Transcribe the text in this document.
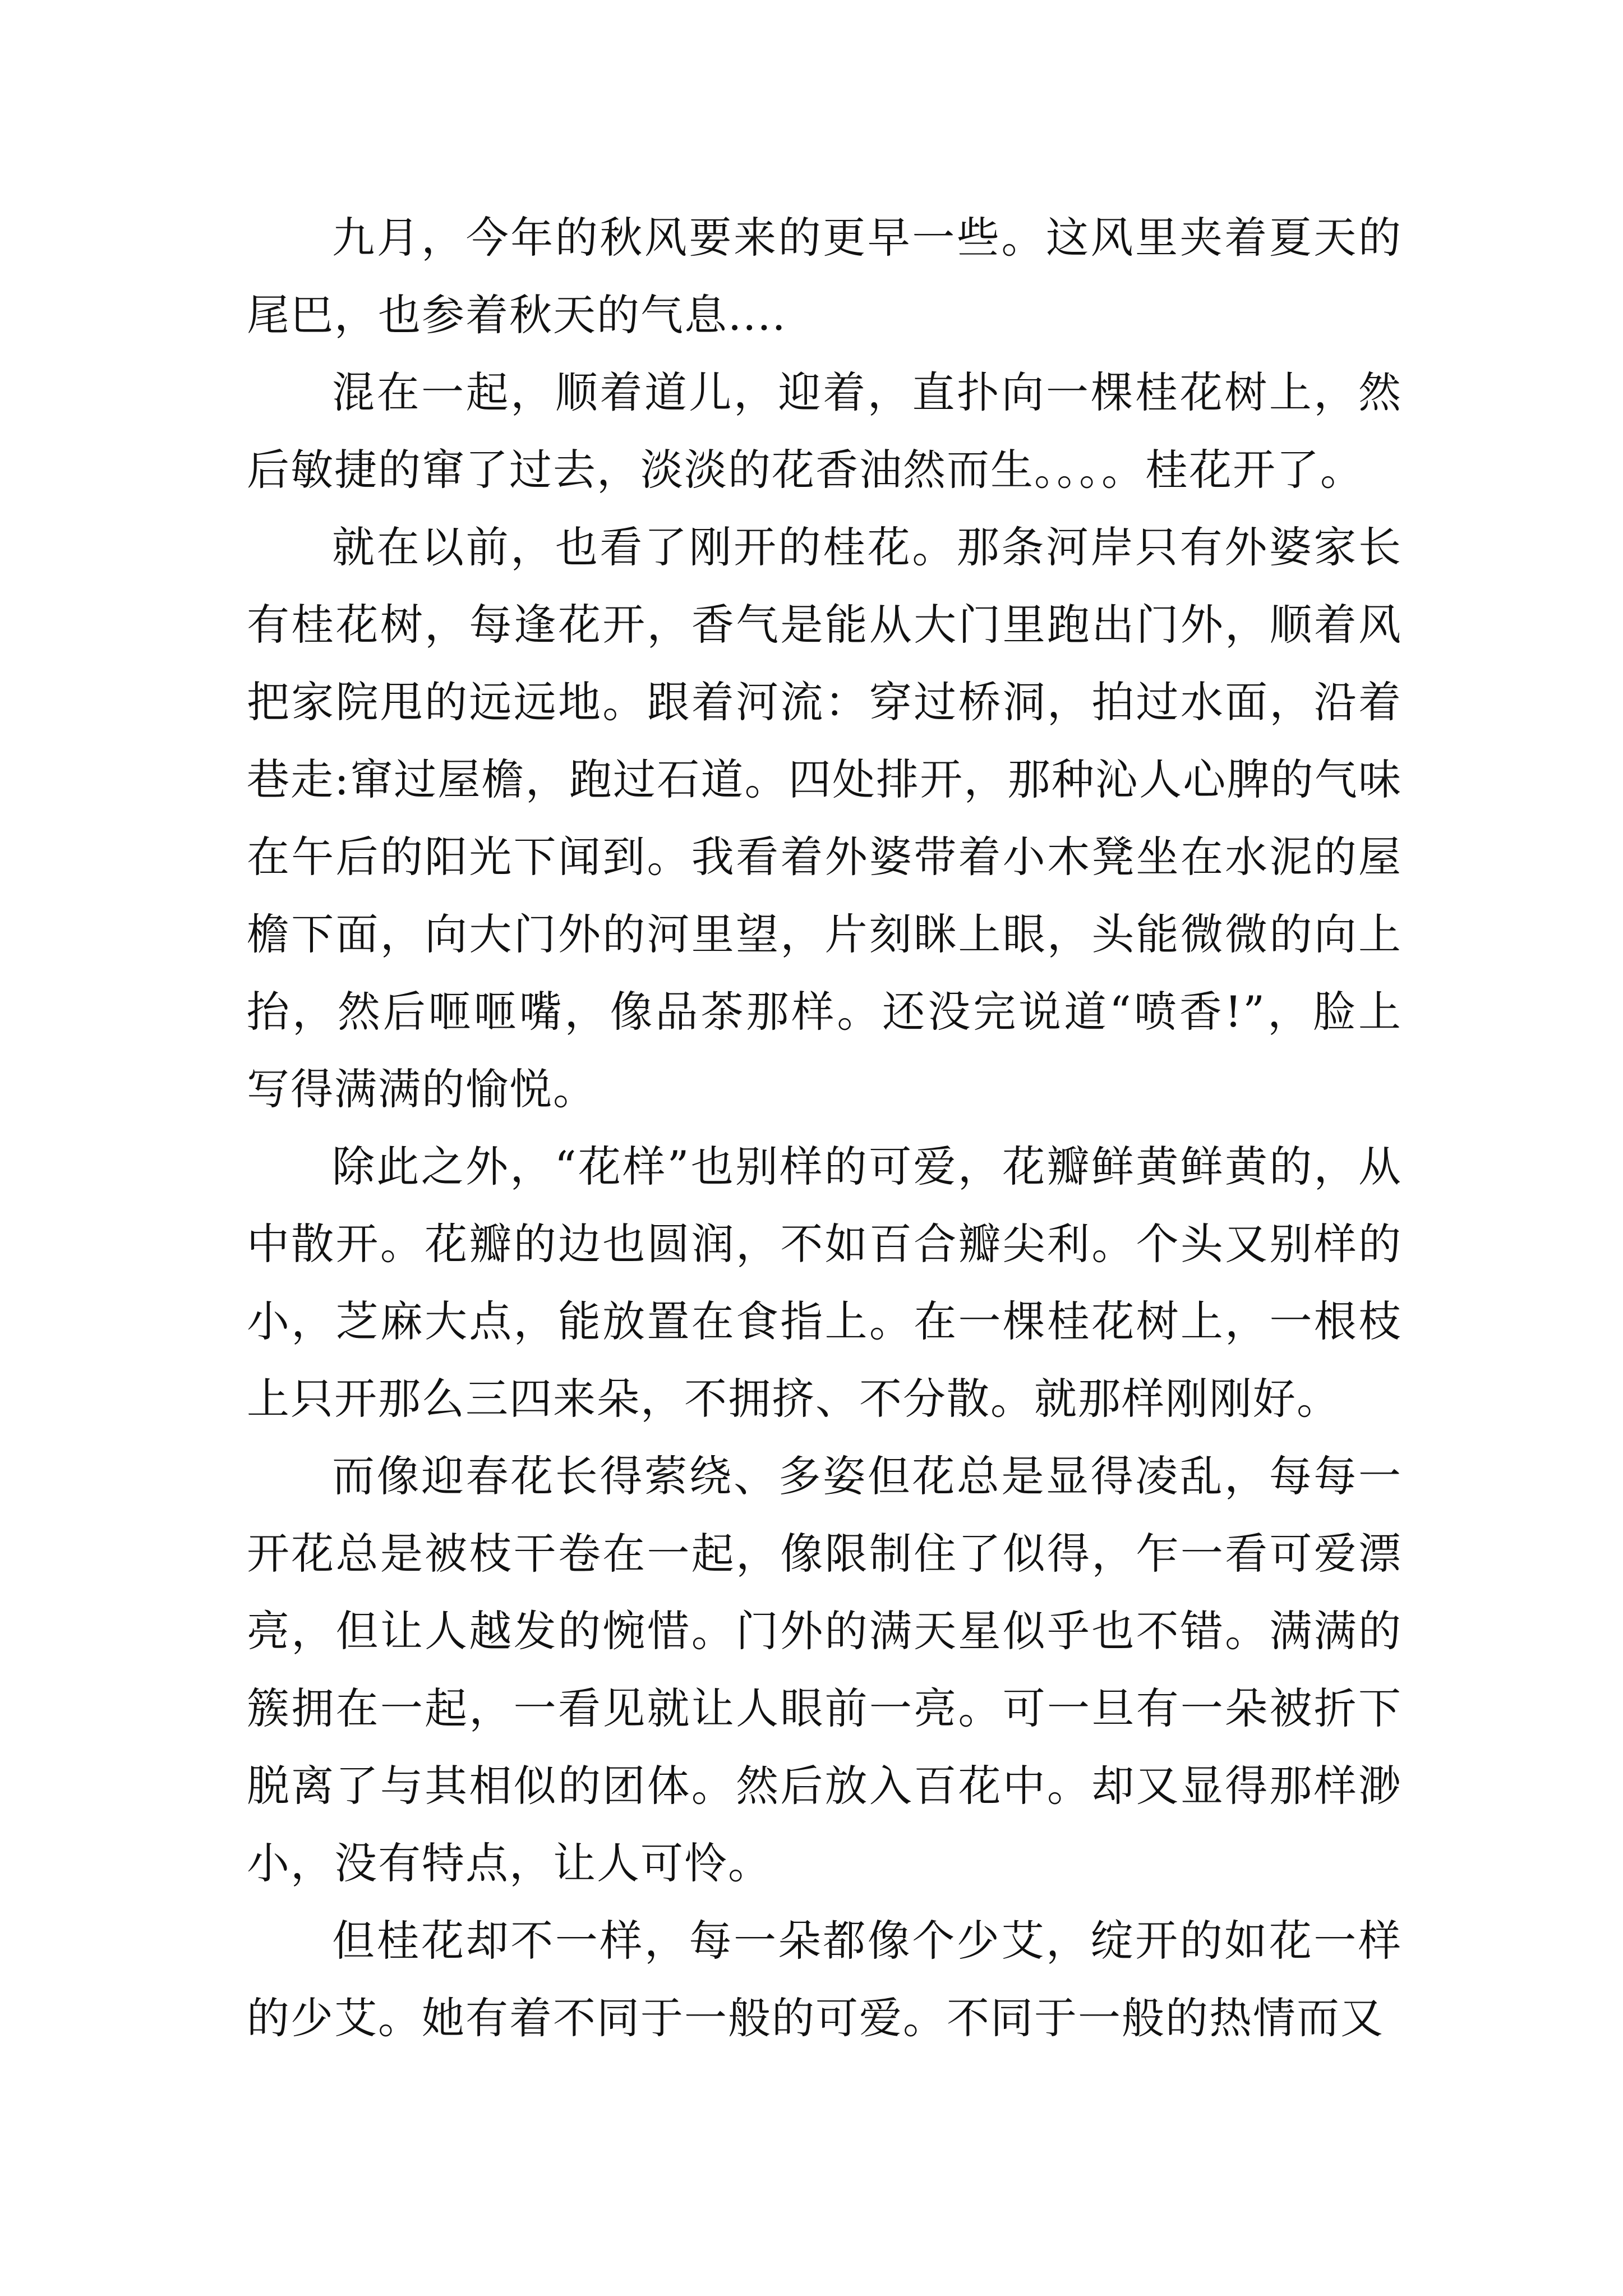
九月，今年的秋风要来的更早一些。这风里夹着夏天的尾巴，也参着秋天的气息....

混在一起，顺着道儿，迎着，直扑向一棵桂花树上，然后敏捷的窜了过去，淡淡的花香油然而生。。。。桂花开了。

就在以前，也看了刚开的桂花。那条河岸只有外婆家长有桂花树，每逢花开，香气是能从大门里跑出门外，顺着风把家院甩的远远地。跟着河流：穿过桥洞，拍过水面，沿着巷走:窜过屋檐，跑过石道。四处排开，那种沁人心脾的气味在午后的阳光下闻到。我看着外婆带着小木凳坐在水泥的屋檐下面，向大门外的河里望，片刻眯上眼，头能微微的向上抬，然后咂咂嘴，像品茶那样。还没完说道“喷香!”，脸上写得满满的愉悦。

除此之外，“花样”也别样的可爱，花瓣鲜黄鲜黄的，从中散开。花瓣的边也圆润，不如百合瓣尖利。个头又别样的小，芝麻大点，能放置在食指上。在一棵桂花树上，一根枝上只开那么三四来朵，不拥挤、不分散。就那样刚刚好。

而像迎春花长得萦绕、多姿但花总是显得凌乱，每每一开花总是被枝干卷在一起，像限制住了似得，乍一看可爱漂亮，但让人越发的惋惜。门外的满天星似乎也不错。满满的簇拥在一起，一看见就让人眼前一亮。可一旦有一朵被折下脱离了与其相似的团体。然后放入百花中。却又显得那样渺小，没有特点，让人可怜。

但桂花却不一样，每一朵都像个少艾，绽开的如花一样的少艾。她有着不同于一般的可爱。不同于一般的热情而又
